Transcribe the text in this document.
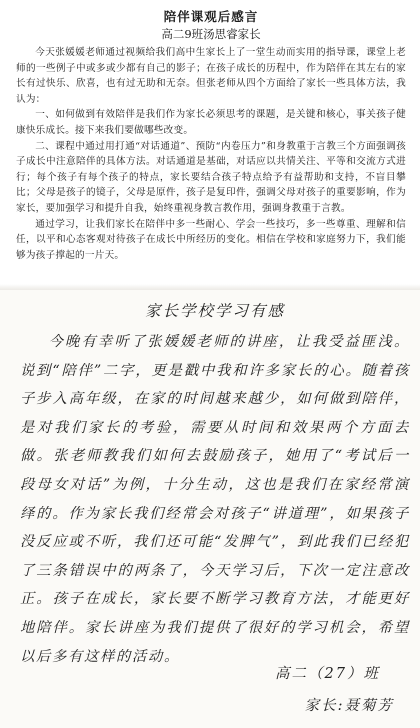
陪伴课观后感言
高二9班汤思睿家长

今天张媛媛老师通过视频给我们高中生家长上了一堂生动而实用的指导课，课堂上老师的一些例子中或多或少都有自己的影子；在孩子成长的历程中，作为陪伴在其左右的家长有过快乐、欣喜，也有过无助和无奈。但张老师从四个方面给了家长一些具体方法，我认为：

一、如何做到有效陪伴是我们作为家长必须思考的课题，是关键和核心，事关孩子健康快乐成长。接下来我们要做哪些改变。

二、课程中通过用打通“对话通道”、预防“内卷压力”和身教重于言教三个方面强调孩子成长中注意陪伴的具体方法。对话通道是基础，对话应以共情关注、平等和交流方式进行；每个孩子有每个孩子的特点，家长要结合孩子特点给予有益帮助和支持，不盲目攀比；父母是孩子的镜子，父母是原件，孩子是复印件，强调父母对孩子的重要影响，作为家长，要加强学习和提升自我，始终重视身教言教作用，强调身教重于言教。

通过学习，让我们家长在陪伴中多一些耐心、学会一些技巧，多一些尊重、理解和信任，以平和心态客观对待孩子在成长中所经历的变化。相信在学校和家庭努力下，我们能够为孩子撑起的一片天。

家长学校学习有感

今晚有幸听了张媛媛老师的讲座，让我受益匪浅。说到“陪伴”二字，更是戳中我和许多家长的心。随着孩子步入高年级，在家的时间越来越少，如何做到陪伴，是对我们家长的考验，需要从时间和效果两个方面去做。张老师教我们如何去鼓励孩子，她用了“考试后一段母女对话”为例，十分生动，这也是我们在家经常演绎的。作为家长我们经常会对孩子“讲道理”，如果孩子没反应或不听，我们还可能“发脾气”，到此我们已经犯了三条错误中的两条了，今天学习后，下次一定注意改正。孩子在成长，家长要不断学习教育方法，才能更好地陪伴。家长讲座为我们提供了很好的学习机会，希望以后多有这样的活动。

高二（27）班
家长:聂菊芳
